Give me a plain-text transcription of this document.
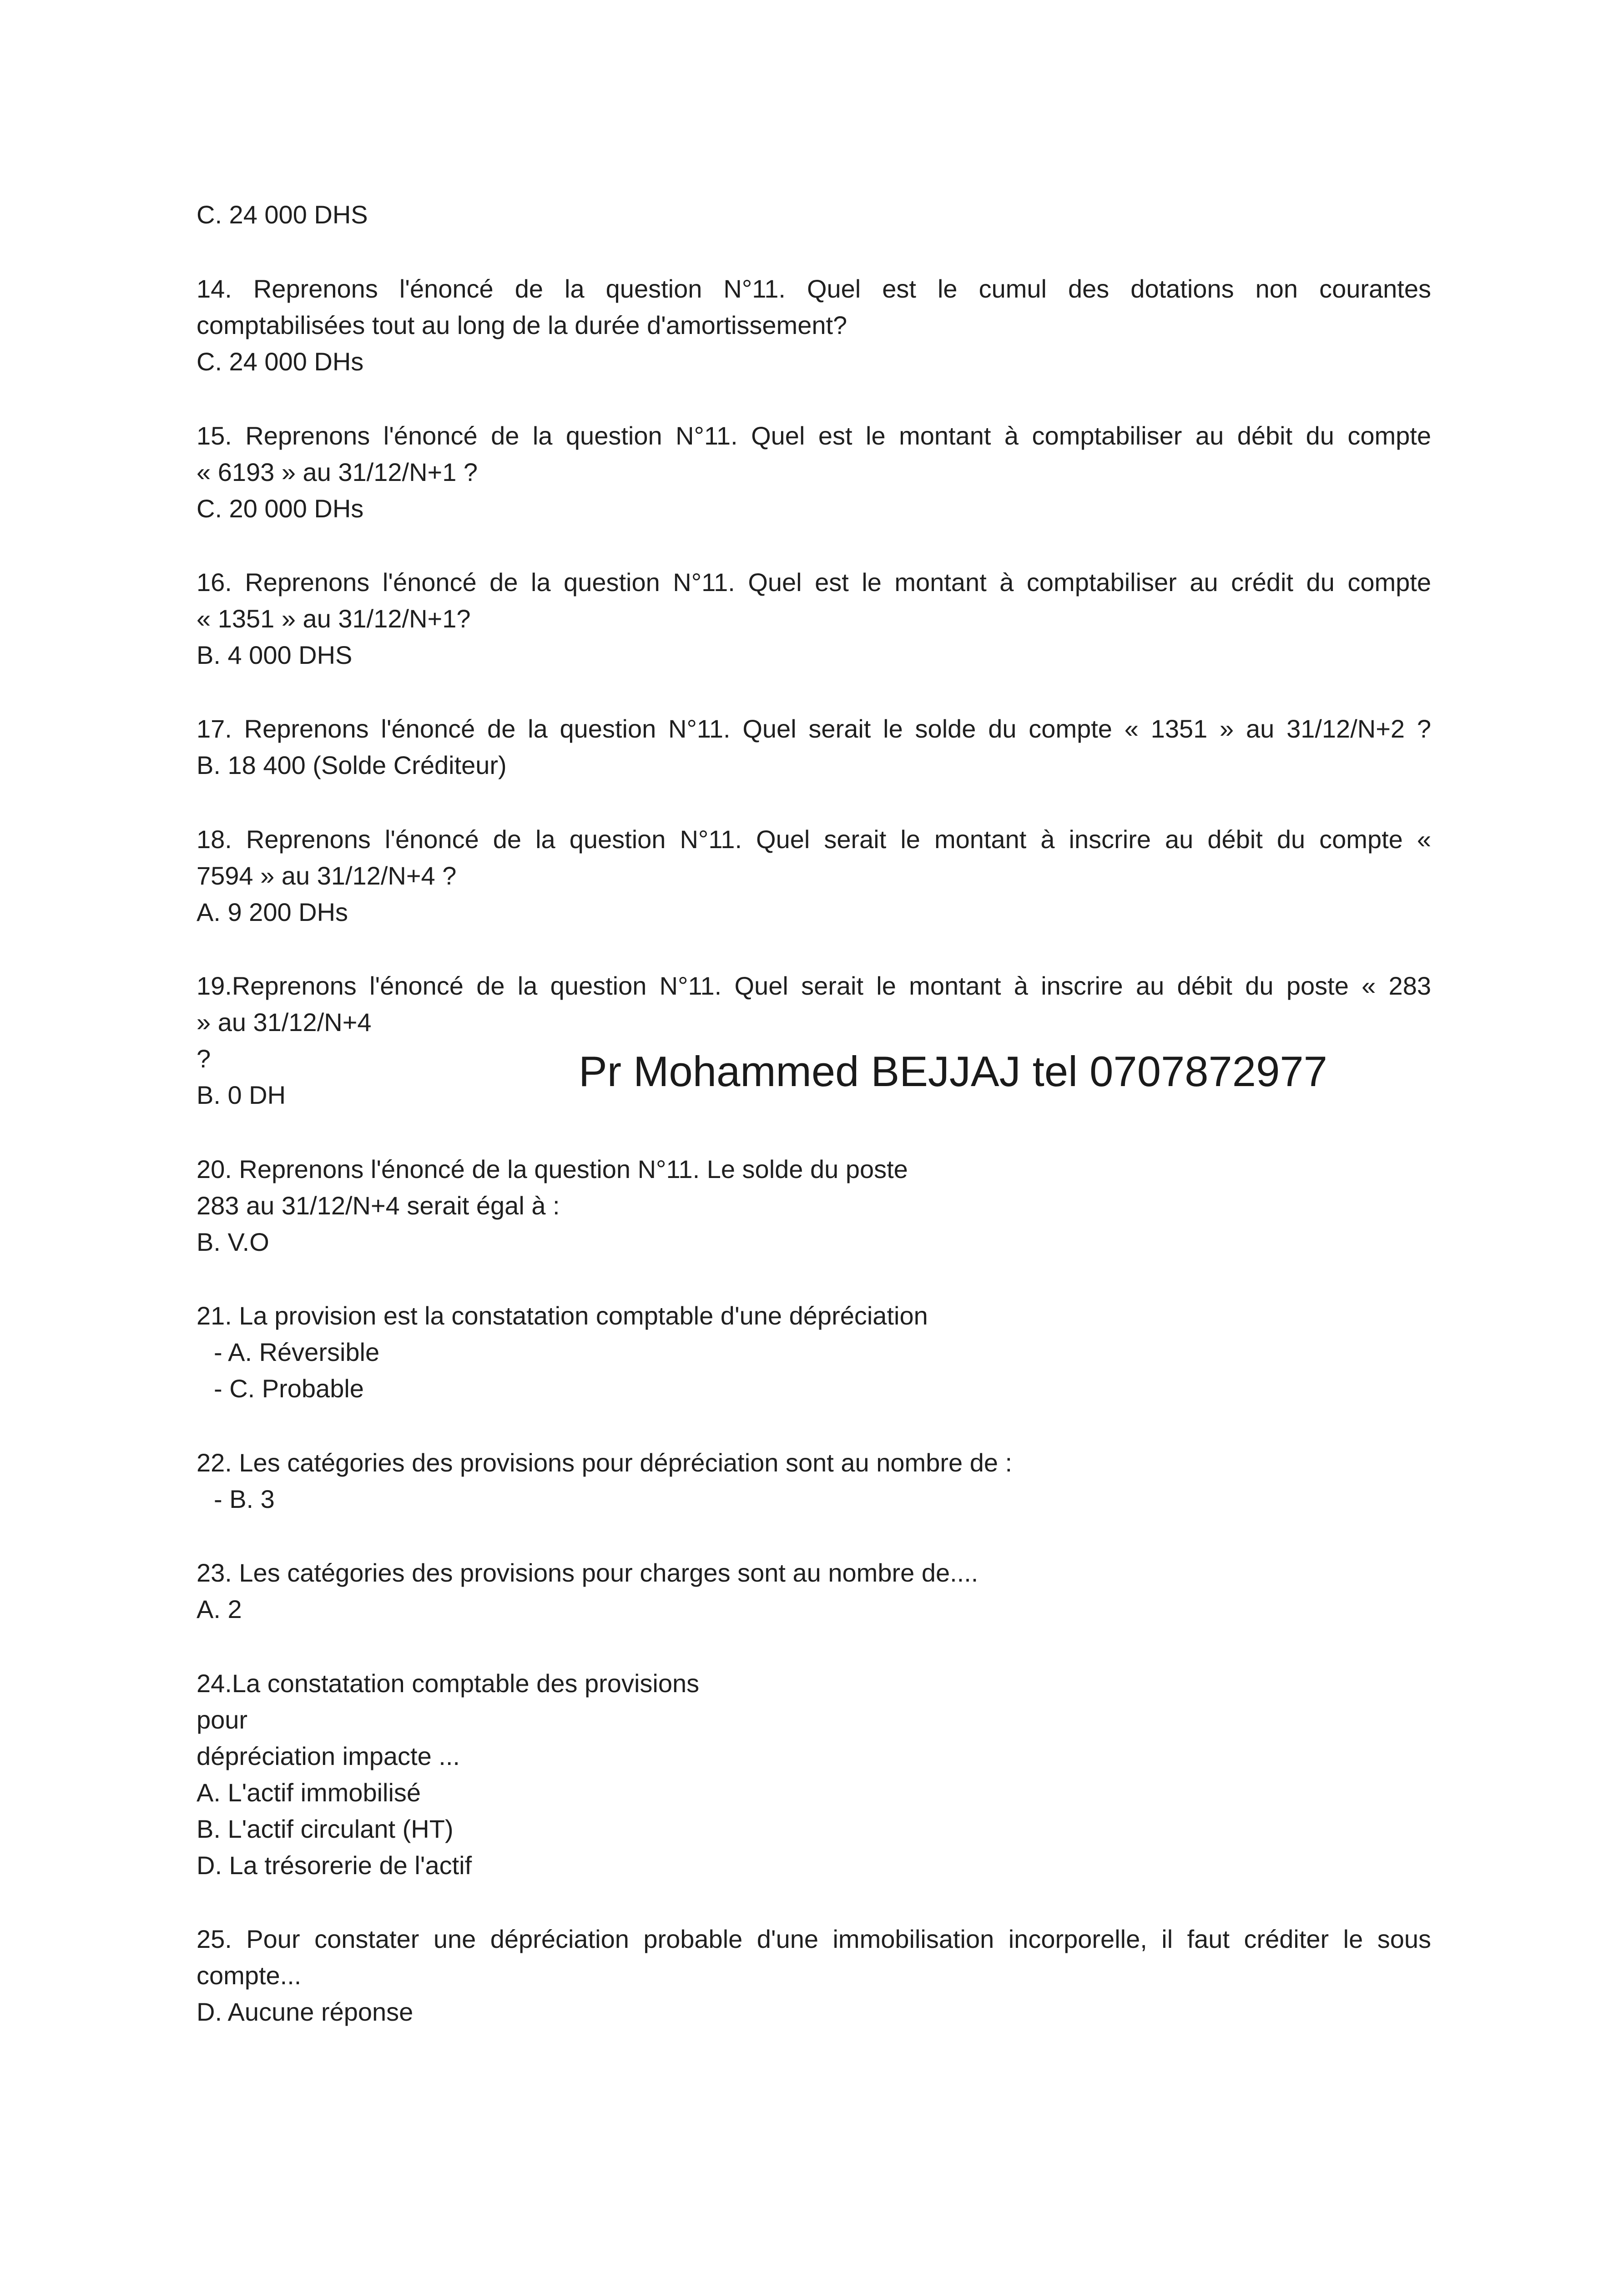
C. 24 000 DHS
14. Reprenons l'énoncé de la question N°11. Quel est le cumul des dotations non courantes
comptabilisées tout au long de la durée d'amortissement?
C. 24 000 DHs
15. Reprenons l'énoncé de la question N°11. Quel est le montant à comptabiliser au débit du compte
« 6193 » au 31/12/N+1 ?
C. 20 000 DHs
16. Reprenons l'énoncé de la question N°11. Quel est le montant à comptabiliser au crédit du compte
« 1351 » au 31/12/N+1?
B. 4 000 DHS
17. Reprenons l'énoncé de la question N°11. Quel serait le solde du compte « 1351 » au 31/12/N+2 ?
B. 18 400 (Solde Créditeur)
18. Reprenons l'énoncé de la question N°11. Quel serait le montant à inscrire au débit du compte «
7594 » au 31/12/N+4 ?
A. 9 200 DHs
19.Reprenons l'énoncé de la question N°11. Quel serait le montant à inscrire au débit du poste « 283
» au 31/12/N+4
?
B. 0 DH
20. Reprenons l'énoncé de la question N°11. Le solde du poste
283 au 31/12/N+4 serait égal à :
B. V.O
21. La provision est la constatation comptable d'une dépréciation
- A. Réversible
- C. Probable
22. Les catégories des provisions pour dépréciation sont au nombre de :
- B. 3
23. Les catégories des provisions pour charges sont au nombre de....
A. 2
24.La constatation comptable des provisions
pour
dépréciation impacte ...
A. L'actif immobilisé
B. L'actif circulant (HT)
D. La trésorerie de l'actif
25. Pour constater une dépréciation probable d'une immobilisation incorporelle, il faut créditer le sous
compte...
D. Aucune réponse
Pr Mohammed BEJJAJ tel 0707872977
